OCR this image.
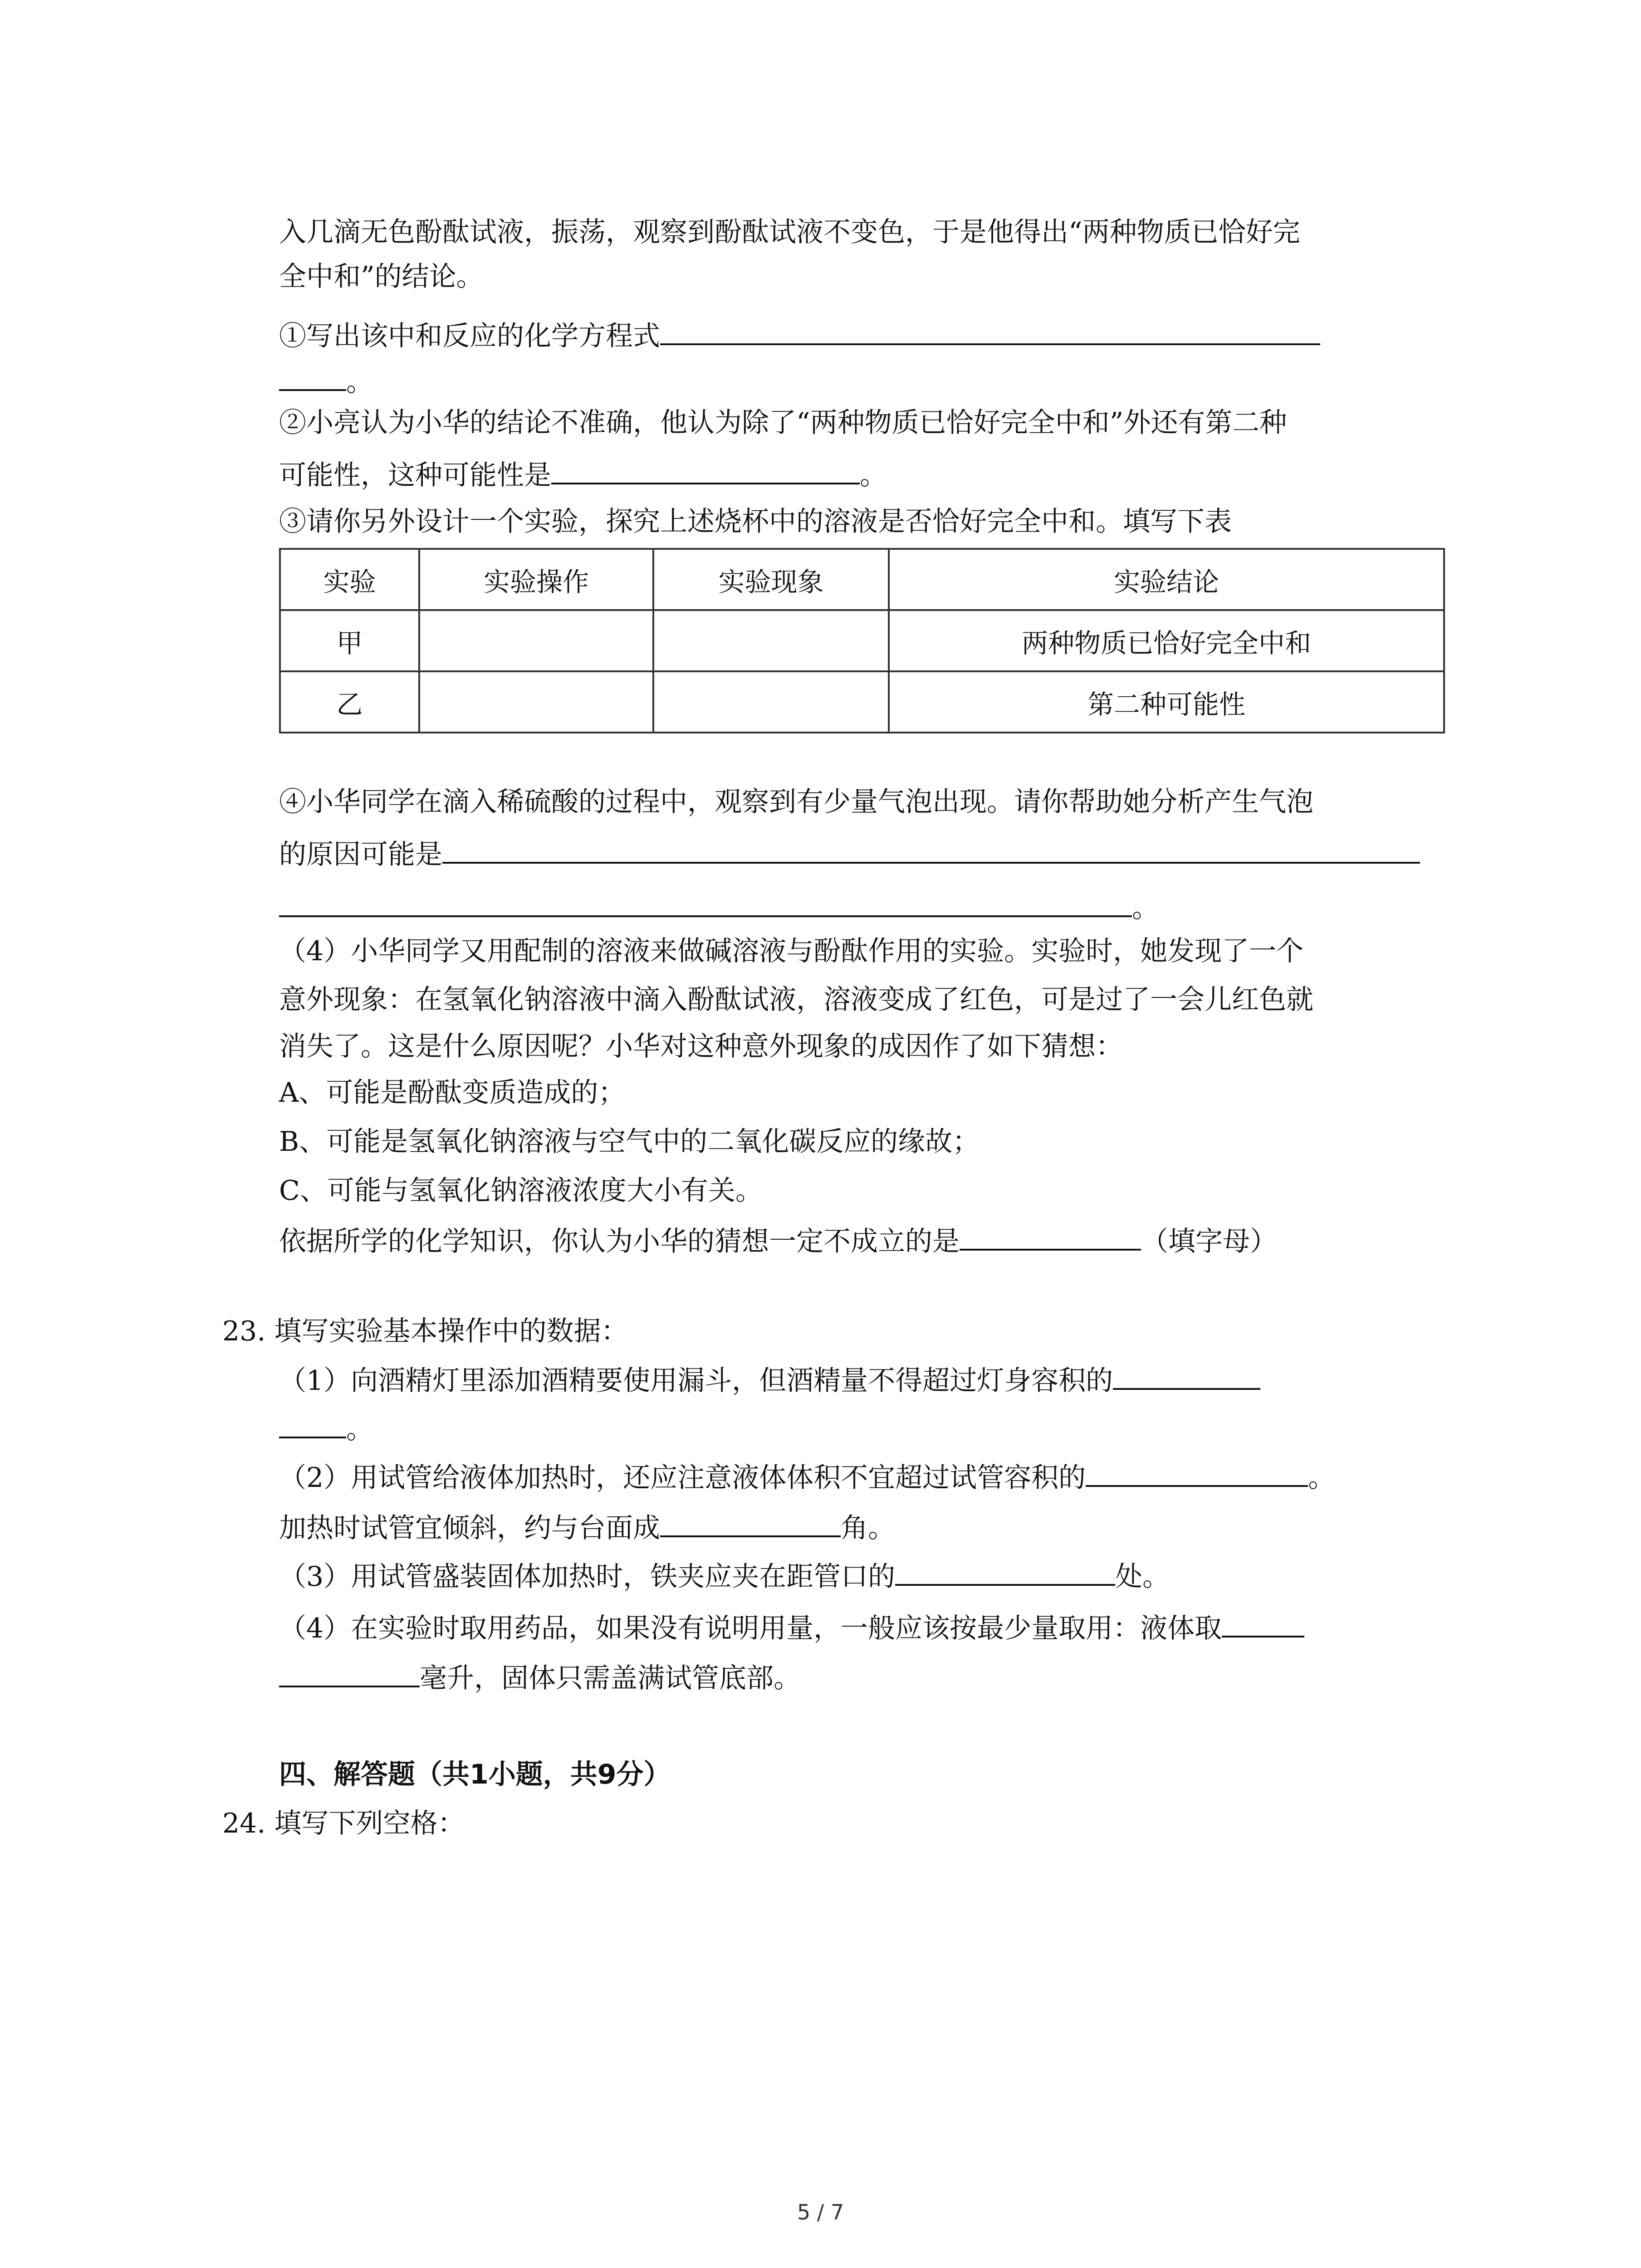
入几滴无色酚酞试液，振荡，观察到酚酞试液不变色，于是他得出“两种物质已恰好完
全中和”的结论。
①写出该中和反应的化学方程式
。
②小亮认为小华的结论不准确，他认为除了“两种物质已恰好完全中和”外还有第二种
可能性，这种可能性是	。
③请你另外设计一个实验，探究上述烧杯中的溶液是否恰好完全中和。填写下表
实验	实验操作	实验现象	实验结论
甲			两种物质已恰好完全中和
乙			第二种可能性
④小华同学在滴入稀硫酸的过程中，观察到有少量气泡出现。请你帮助她分析产生气泡
的原因可能是
。
（4）小华同学又用配制的溶液来做碱溶液与酚酞作用的实验。实验时，她发现了一个
意外现象：在氢氧化钠溶液中滴入酚酞试液，溶液变成了红色，可是过了一会儿红色就
消失了。这是什么原因呢？小华对这种意外现象的成因作了如下猜想：
A、可能是酚酞变质造成的；
B、可能是氢氧化钠溶液与空气中的二氧化碳反应的缘故；
C、可能与氢氧化钠溶液浓度大小有关。
依据所学的化学知识，你认为小华的猜想一定不成立的是	（填字母）
23. 填写实验基本操作中的数据：
（1）向酒精灯里添加酒精要使用漏斗，但酒精量不得超过灯身容积的
。
（2）用试管给液体加热时，还应注意液体体积不宜超过试管容积的	。
加热时试管宜倾斜，约与台面成	角。
（3）用试管盛装固体加热时，铁夹应夹在距管口的	处。
（4）在实验时取用药品，如果没有说明用量，一般应该按最少量取用：液体取
毫升，固体只需盖满试管底部。
四、解答题（共1小题，共9分）
24. 填写下列空格：
5 / 7
